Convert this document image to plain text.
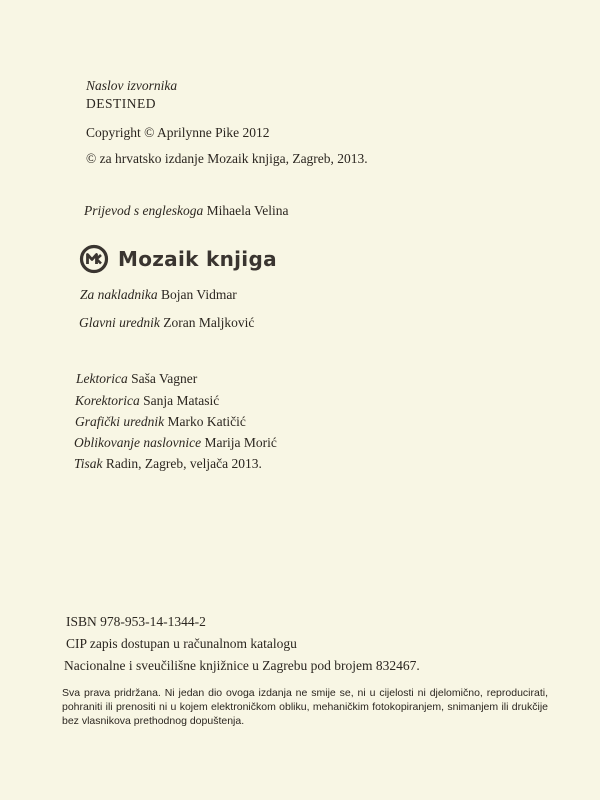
Naslov izvornika
DESTINED
Copyright © Aprilynne Pike 2012
© za hrvatsko izdanje Mozaik knjiga, Zagreb, 2013.
Prijevod s engleskoga Mihaela Velina
Mozaik knjiga
Za nakladnika Bojan Vidmar
Glavni urednik Zoran Maljković
Lektorica Saša Vagner
Korektorica Sanja Matasić
Grafički urednik Marko Katičić
Oblikovanje naslovnice Marija Morić
Tisak Radin, Zagreb, veljača 2013.
ISBN 978-953-14-1344-2
CIP zapis dostupan u računalnom katalogu
Nacionalne i sveučilišne knjižnice u Zagrebu pod brojem 832467.
Sva prava pridržana. Ni jedan dio ovoga izdanja ne smije se, ni u cijelosti ni djelomično, reproducirati, pohraniti ili prenositi ni u kojem elektroničkom obliku, mehaničkim fotokopiranjem, snimanjem ili drukčije bez vlasnikova prethodnog dopuštenja.
